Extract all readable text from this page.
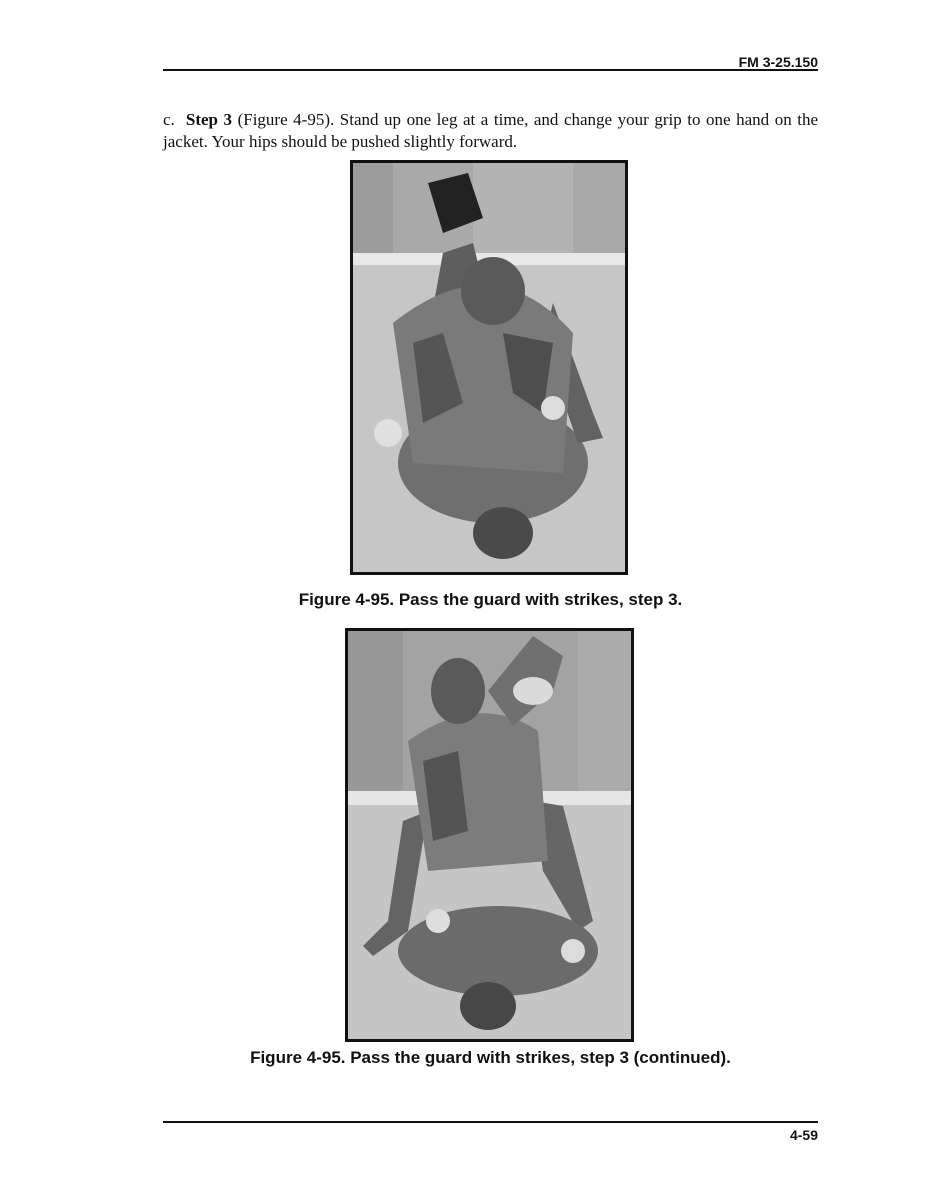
FM 3-25.150

c. Step 3 (Figure 4-95). Stand up one leg at a time, and change your grip to one hand on the jacket. Your hips should be pushed slightly forward.

Figure 4-95. Pass the guard with strikes, step 3.
Figure 4-95. Pass the guard with strikes, step 3 (continued).
4-59
